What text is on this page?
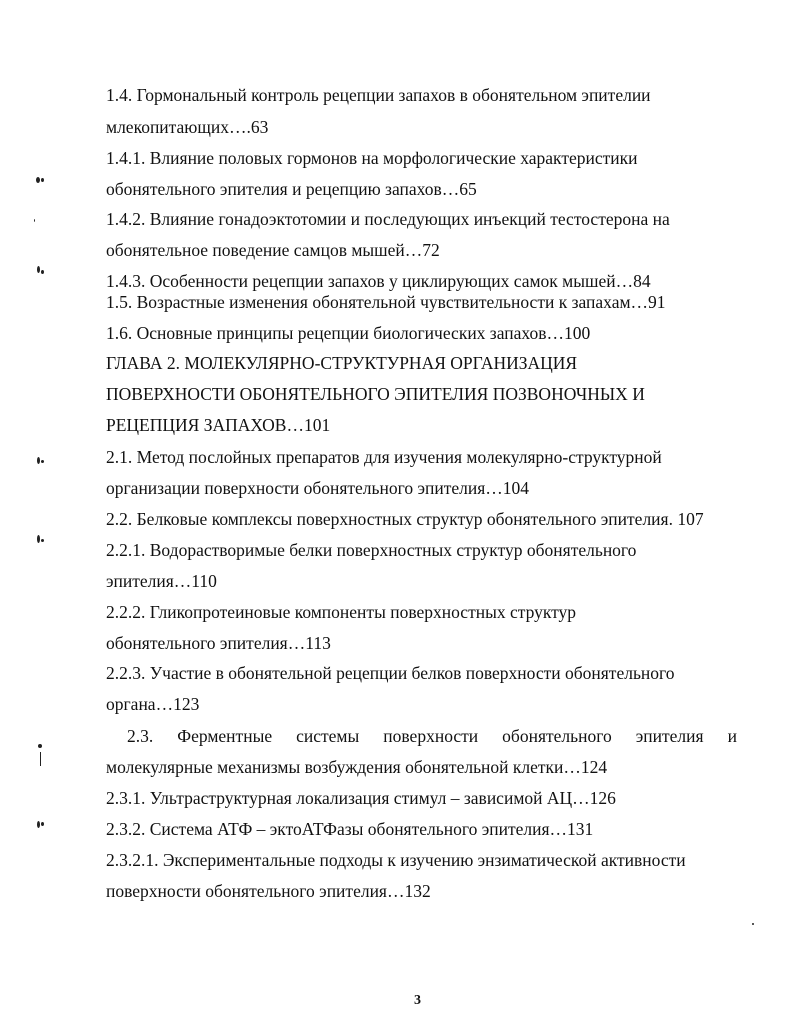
1.4. Гормональный контроль рецепции запахов в обонятельном эпителии
млекопитающих….63
1.4.1. Влияние половых гормонов на морфологические характеристики
обонятельного эпителия и рецепцию запахов…65
1.4.2. Влияние гонадоэктотомии и последующих инъекций тестостерона на
обонятельное поведение самцов мышей…72
1.4.3. Особенности рецепции запахов у циклирующих самок мышей…84
1.5. Возрастные изменения обонятельной чувствительности к запахам…91
1.6. Основные принципы рецепции биологических запахов…100
ГЛАВА 2. МОЛЕКУЛЯРНО-СТРУКТУРНАЯ ОРГАНИЗАЦИЯ
ПОВЕРХНОСТИ ОБОНЯТЕЛЬНОГО ЭПИТЕЛИЯ ПОЗВОНОЧНЫХ И
РЕЦЕПЦИЯ ЗАПАХОВ…101
2.1. Метод послойных препаратов для изучения молекулярно-структурной
организации поверхности обонятельного эпителия…104
2.2. Белковые комплексы поверхностных структур обонятельного эпителия. 107
2.2.1. Водорастворимые белки поверхностных структур обонятельного
эпителия…110
2.2.2. Гликопротеиновые компоненты поверхностных структур
обонятельного эпителия…113
2.2.3. Участие в обонятельной рецепции белков поверхности обонятельного
органа…123
2.3. Ферментные системы поверхности обонятельного эпителия и
молекулярные механизмы возбуждения обонятельной клетки…124
2.3.1. Ультраструктурная локализация стимул – зависимой АЦ…126
2.3.2. Система АТФ – эктоАТФазы обонятельного эпителия…131
2.3.2.1. Экспериментальные подходы к изучению энзиматической активности
поверхности обонятельного эпителия…132
3
